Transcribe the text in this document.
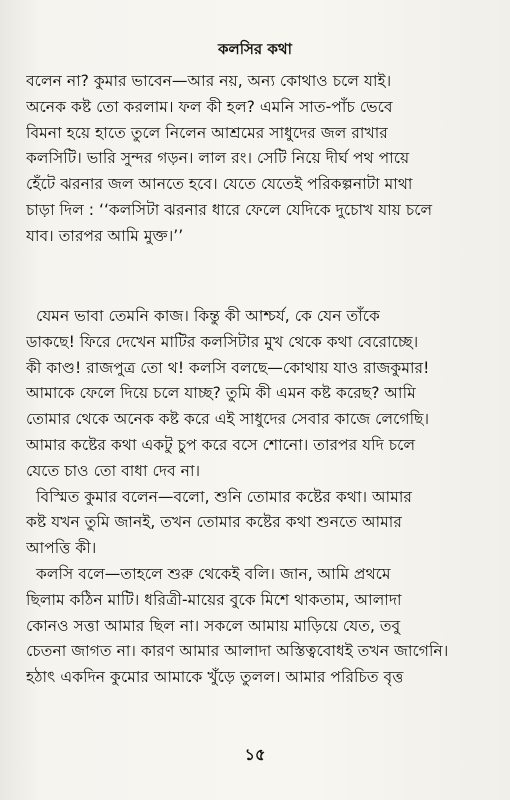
কলসির কথা
বলেন না? কুমার ভাবেন—আর নয়, অন্য কোথাও চলে যাই।
অনেক কষ্ট তো করলাম। ফল কী হল? এমনি সাত-পাঁচ ভেবে
বিমনা হয়ে হাতে তুলে নিলেন আশ্রমের সাধুদের জল রাখার
কলসিটি। ভারি সুন্দর গড়ন। লাল রং। সেটি নিয়ে দীর্ঘ পথ পায়ে
হেঁটে ঝরনার জল আনতে হবে। যেতে যেতেই পরিকল্পনাটা মাথা
চাড়া দিল : ‘‘কলসিটা ঝরনার ধারে ফেলে যেদিকে দুচোখ যায় চলে
যাব। তারপর আমি মুক্ত।’’
যেমন ভাবা তেমনি কাজ। কিন্তু কী আশ্চর্য, কে যেন তাঁকে
ডাকছে! ফিরে দেখেন মাটির কলসিটার মুখ থেকে কথা বেরোচ্ছে।
কী কাণ্ড! রাজপুত্র তো থ! কলসি বলছে—কোথায় যাও রাজকুমার!
আমাকে ফেলে দিয়ে চলে যাচ্ছ? তুমি কী এমন কষ্ট করেছ? আমি
তোমার থেকে অনেক কষ্ট করে এই সাধুদের সেবার কাজে লেগেছি।
আমার কষ্টের কথা একটু চুপ করে বসে শোনো। তারপর যদি চলে
যেতে চাও তো বাধা দেব না।
বিস্মিত কুমার বলেন—বলো, শুনি তোমার কষ্টের কথা। আমার
কষ্ট যখন তুমি জানই, তখন তোমার কষ্টের কথা শুনতে আমার
আপত্তি কী।
কলসি বলে—তাহলে শুরু থেকেই বলি। জান, আমি প্রথমে
ছিলাম কঠিন মাটি। ধরিত্রী-মায়ের বুকে মিশে থাকতাম, আলাদা
কোনও সত্তা আমার ছিল না। সকলে আমায় মাড়িয়ে যেত, তবু
চেতনা জাগত না। কারণ আমার আলাদা অস্তিত্ববোধই তখন জাগেনি।
হঠাৎ একদিন কুমোর আমাকে খুঁড়ে তুলল। আমার পরিচিত বৃত্ত
১৫
